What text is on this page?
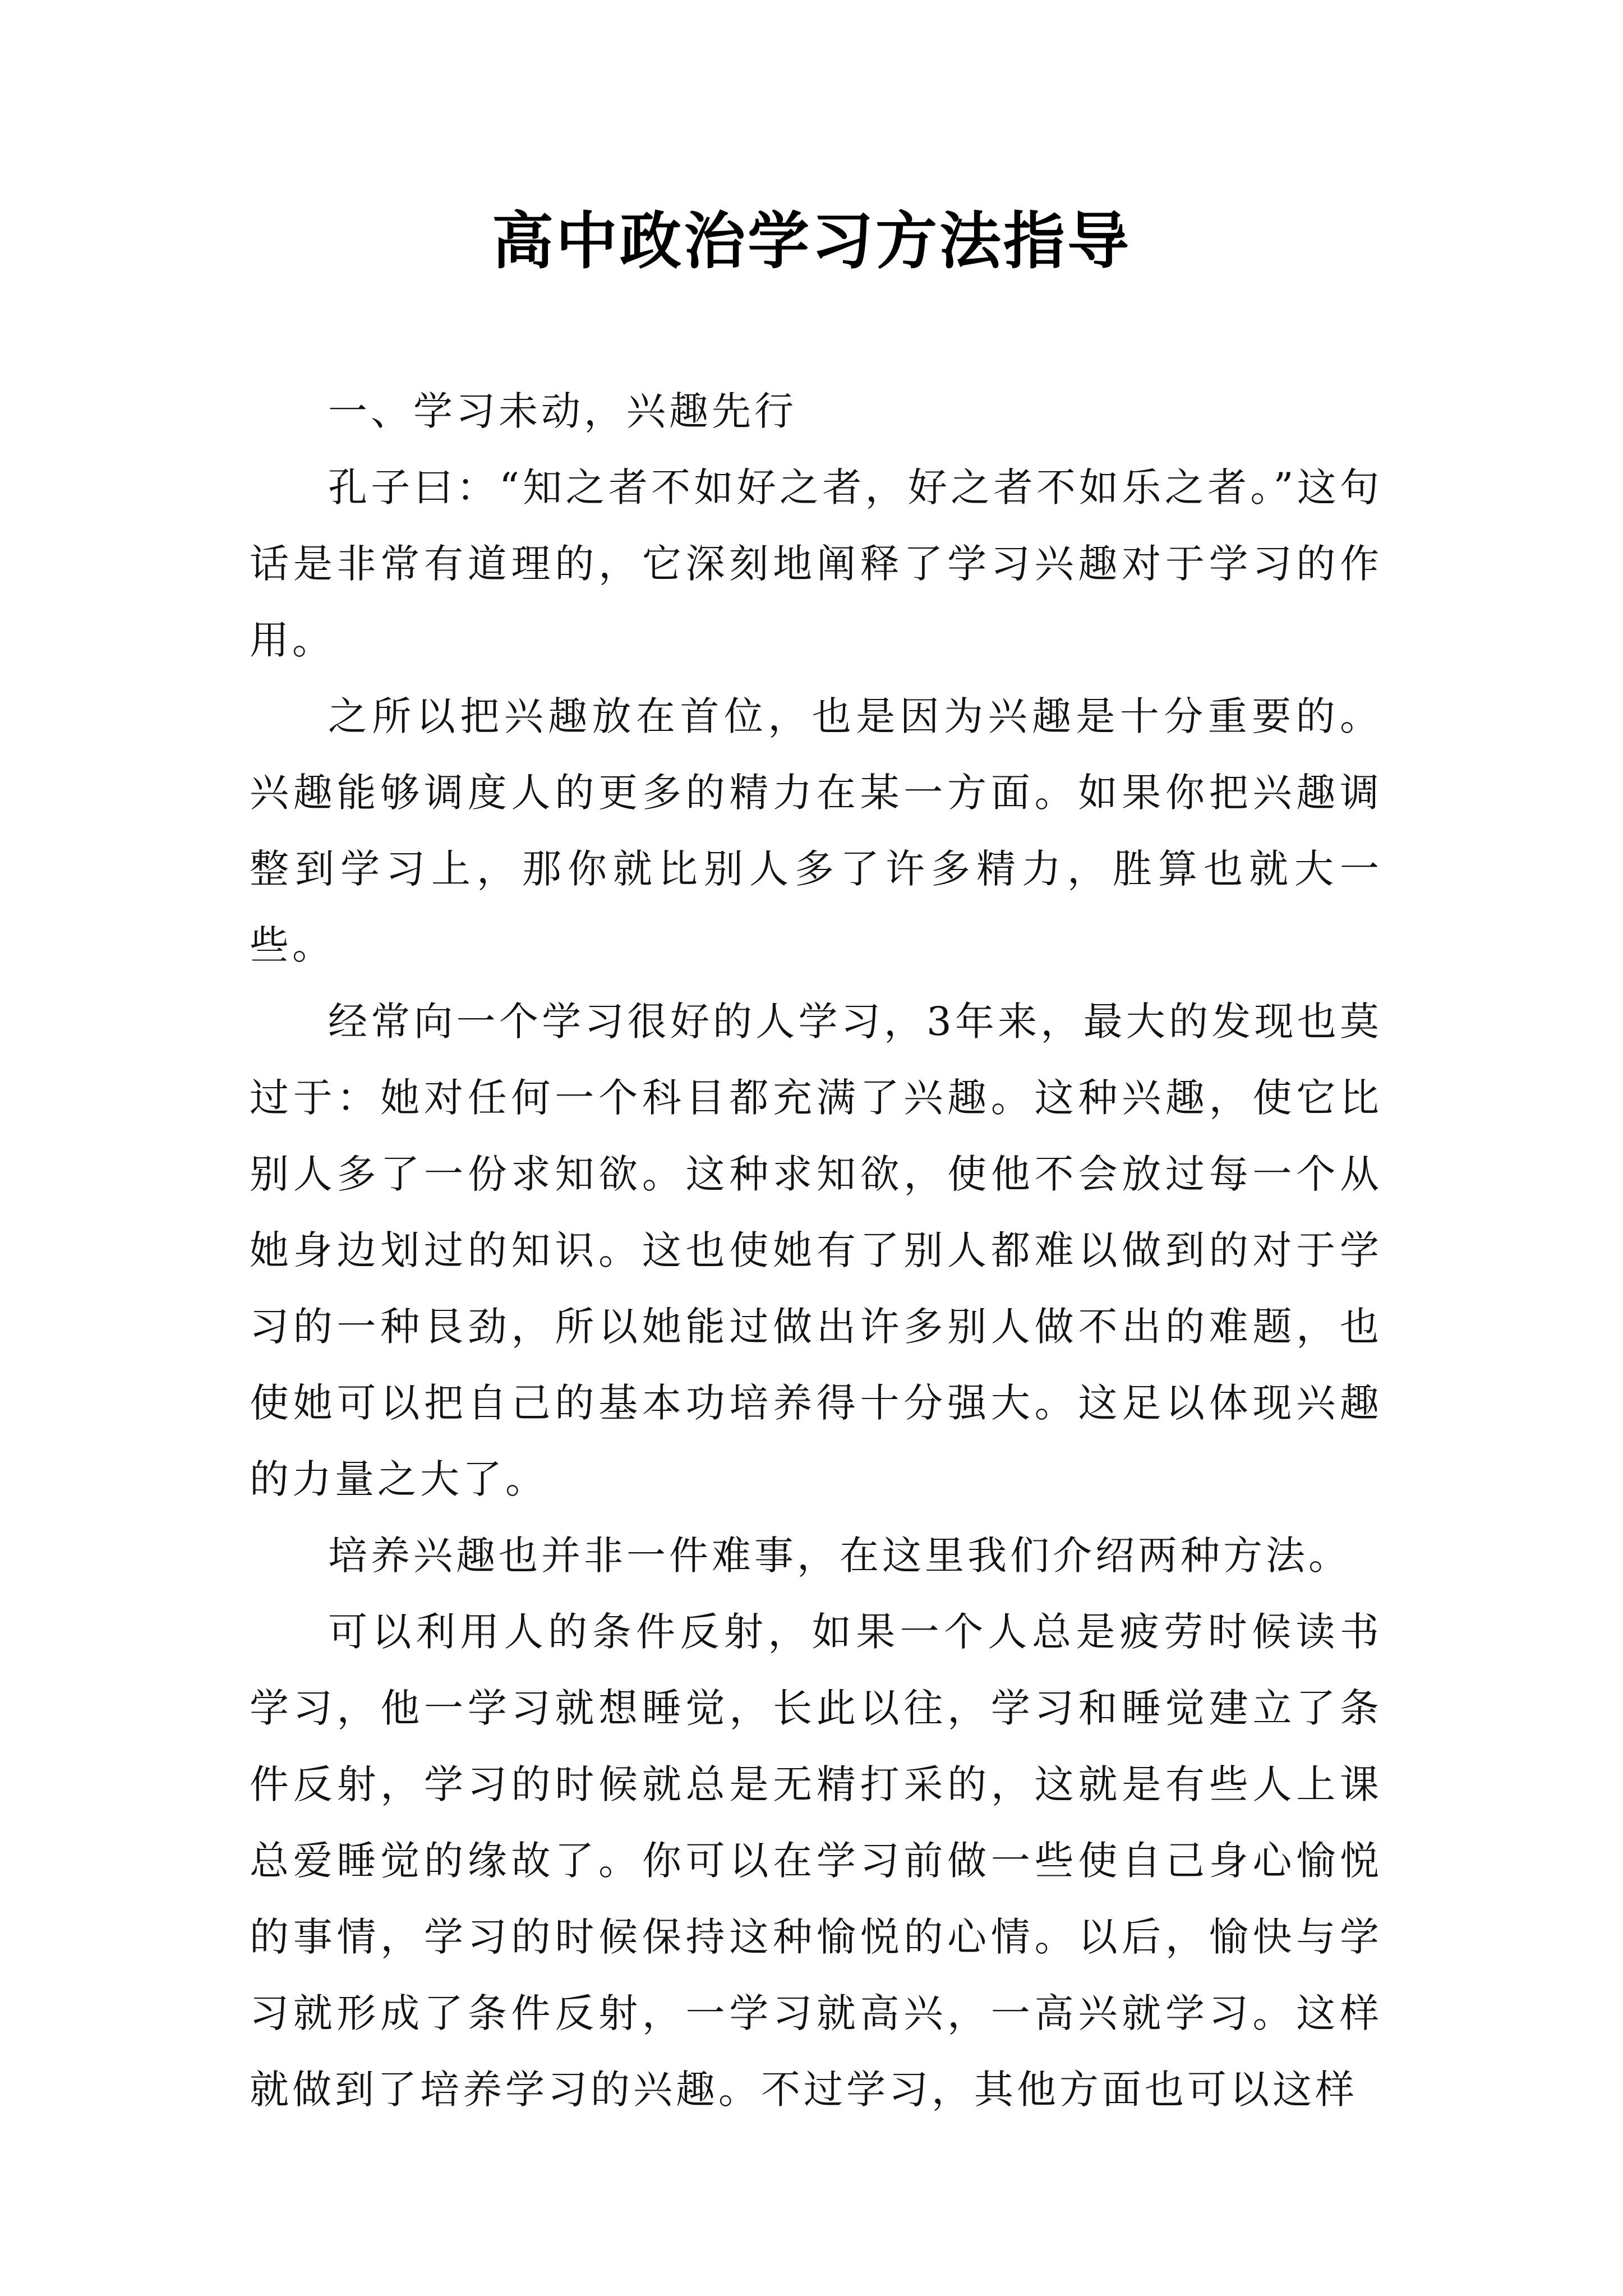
高中政治学习方法指导

一、学习未动，兴趣先行

孔子曰：“知之者不如好之者，好之者不如乐之者。”这句话是非常有道理的，它深刻地阐释了学习兴趣对于学习的作用。

之所以把兴趣放在首位，也是因为兴趣是十分重要的。兴趣能够调度人的更多的精力在某一方面。如果你把兴趣调整到学习上，那你就比别人多了许多精力，胜算也就大一些。

经常向一个学习很好的人学习，3年来，最大的发现也莫过于：她对任何一个科目都充满了兴趣。这种兴趣，使它比别人多了一份求知欲。这种求知欲，使他不会放过每一个从她身边划过的知识。这也使她有了别人都难以做到的对于学习的一种艮劲，所以她能过做出许多别人做不出的难题，也使她可以把自己的基本功培养得十分强大。这足以体现兴趣的力量之大了。

培养兴趣也并非一件难事，在这里我们介绍两种方法。

可以利用人的条件反射，如果一个人总是疲劳时候读书学习，他一学习就想睡觉，长此以往，学习和睡觉建立了条件反射，学习的时候就总是无精打采的，这就是有些人上课总爱睡觉的缘故了。你可以在学习前做一些使自己身心愉悦的事情，学习的时候保持这种愉悦的心情。以后，愉快与学习就形成了条件反射，一学习就高兴，一高兴就学习。这样就做到了培养学习的兴趣。不过学习，其他方面也可以这样
